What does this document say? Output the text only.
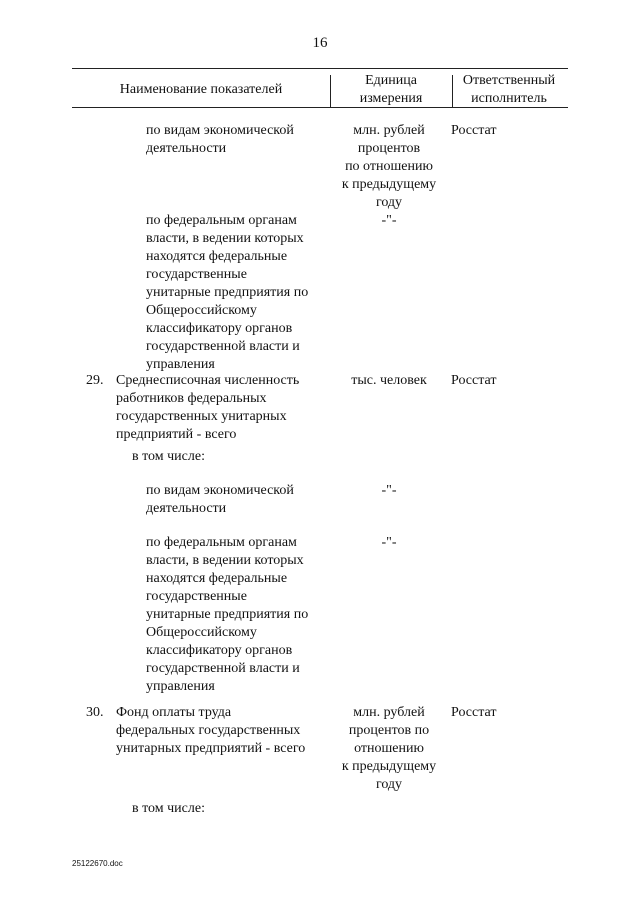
16
Наименование показателей
Единица
измерения
Ответственный
исполнитель
по видам экономической
деятельности
млн. рублей
процентов
по отношению
к предыдущему
году
Росстат
по федеральным органам
власти, в ведении которых
находятся федеральные
государственные
унитарные предприятия по
Общероссийскому
классификатору органов
государственной власти и
управления
-"-
29. Среднесписочная численность
работников федеральных
государственных унитарных
предприятий - всего
тыс. человек	Росстат
в том числе:
по видам экономической
деятельности
-"-
по федеральным органам
власти, в ведении которых
находятся федеральные
государственные
унитарные предприятия по
Общероссийскому
классификатору органов
государственной власти и
управления
-"-
30. Фонд оплаты труда
федеральных государственных
унитарных предприятий - всего
млн. рублей
процентов по
отношению
к предыдущему
году
Росстат
в том числе:
25122670.doc
